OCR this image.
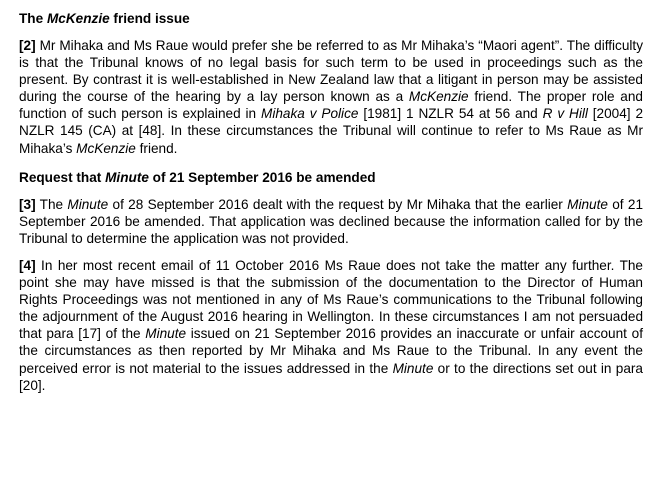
The McKenzie friend issue

[2] Mr Mihaka and Ms Raue would prefer she be referred to as Mr Mihaka’s “Maori agent”. The difficulty is that the Tribunal knows of no legal basis for such term to be used in proceedings such as the present. By contrast it is well-established in New Zealand law that a litigant in person may be assisted during the course of the hearing by a lay person known as a McKenzie friend. The proper role and function of such person is explained in Mihaka v Police [1981] 1 NZLR 54 at 56 and R v Hill [2004] 2 NZLR 145 (CA) at [48]. In these circumstances the Tribunal will continue to refer to Ms Raue as Mr Mihaka’s McKenzie friend.

Request that Minute of 21 September 2016 be amended

[3] The Minute of 28 September 2016 dealt with the request by Mr Mihaka that the earlier Minute of 21 September 2016 be amended. That application was declined because the information called for by the Tribunal to determine the application was not provided.

[4] In her most recent email of 11 October 2016 Ms Raue does not take the matter any further. The point she may have missed is that the submission of the documentation to the Director of Human Rights Proceedings was not mentioned in any of Ms Raue’s communications to the Tribunal following the adjournment of the August 2016 hearing in Wellington. In these circumstances I am not persuaded that para [17] of the Minute issued on 21 September 2016 provides an inaccurate or unfair account of the circumstances as then reported by Mr Mihaka and Ms Raue to the Tribunal. In any event the perceived error is not material to the issues addressed in the Minute or to the directions set out in para [20].
